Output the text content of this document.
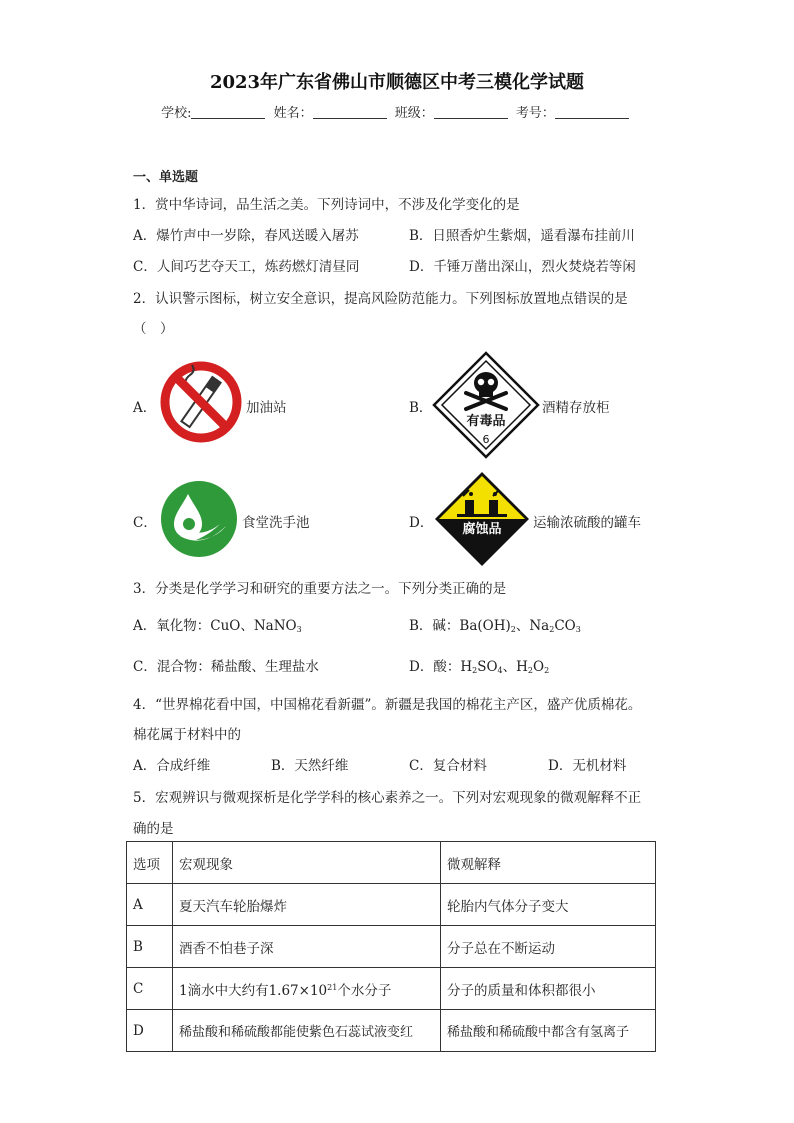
2023年广东省佛山市顺德区中考三模化学试题
学校:	姓名：	班级：	考号：
一、单选题
1．赏中华诗词，品生活之美。下列诗词中，不涉及化学变化的是
A．爆竹声中一岁除，春风送暖入屠苏	B．日照香炉生紫烟，遥看瀑布挂前川
C．人间巧艺夺天工，炼药燃灯清昼同	D．千锤万凿出深山，烈火焚烧若等闲
2．认识警示图标，树立安全意识，提高风险防范能力。下列图标放置地点错误的是
（　）
A．	加油站	B．
有毒品
6
酒精存放柜
C．	食堂洗手池	D． 腐蚀品 运输浓硫酸的罐车
3．分类是化学学习和研究的重要方法之一。下列分类正确的是
A．氧化物：CuO、NaNO$_3$	B．碱：$Ba(OH)_2$、$Na_2CO_3$
C．混合物：稀盐酸、生理盐水	D．酸：$H_2SO_4$、$H_2O_2$
4．“世界棉花看中国，中国棉花看新疆”。新疆是我国的棉花主产区，盛产优质棉花。
棉花属于材料中的
A．合成纤维	B．天然纤维	C．复合材料	D．无机材料
5．宏观辨识与微观探析是化学学科的核心素养之一。下列对宏观现象的微观解释不正
确的是
选项	宏观现象	微观解释
A	夏天汽车轮胎爆炸	轮胎内气体分子变大
B	酒香不怕巷子深	分子总在不断运动
C	1滴水中大约有$1.67\times 10^{21}$个水分子	分子的质量和体积都很小
D	稀盐酸和稀硫酸都能使紫色石蕊试液变红	稀盐酸和稀硫酸中都含有氢离子
